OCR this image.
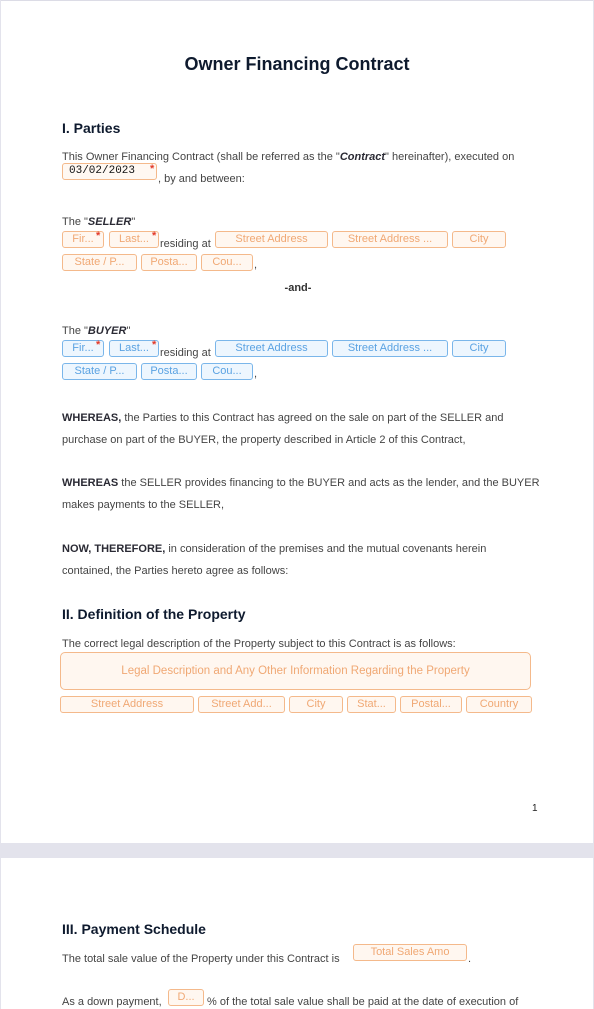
Owner Financing Contract
I. Parties
This Owner Financing Contract (shall be referred as the "Contract" hereinafter), executed on
03/02/2023	*
, by and between:
The "SELLER"
Fir... *	Last... *
residing at	Street Address	Street Address ...	City
State / P...	Posta...	Cou...	,
-and-
The "BUYER"
Fir... *	Last... *
residing at	Street Address	Street Address ...	City
State / P...	Posta...	Cou...	,
WHEREAS, the Parties to this Contract has agreed on the sale on part of the SELLER and
purchase on part of the BUYER, the property described in Article 2 of this Contract,
WHEREAS the SELLER provides financing to the BUYER and acts as the lender, and the BUYER
makes payments to the SELLER,
NOW, THEREFORE, in consideration of the premises and the mutual covenants herein
contained, the Parties hereto agree as follows:
II. Definition of the Property
The correct legal description of the Property subject to this Contract is as follows:
Legal Description and Any Other Information Regarding the Property
Street Address	Street Add...	City	Stat...	Postal...	Country
1
III. Payment Schedule
The total sale value of the Property under this Contract is
Total Sales Amo
.
As a down payment,	D...	% of the total sale value shall be paid at the date of execution of
